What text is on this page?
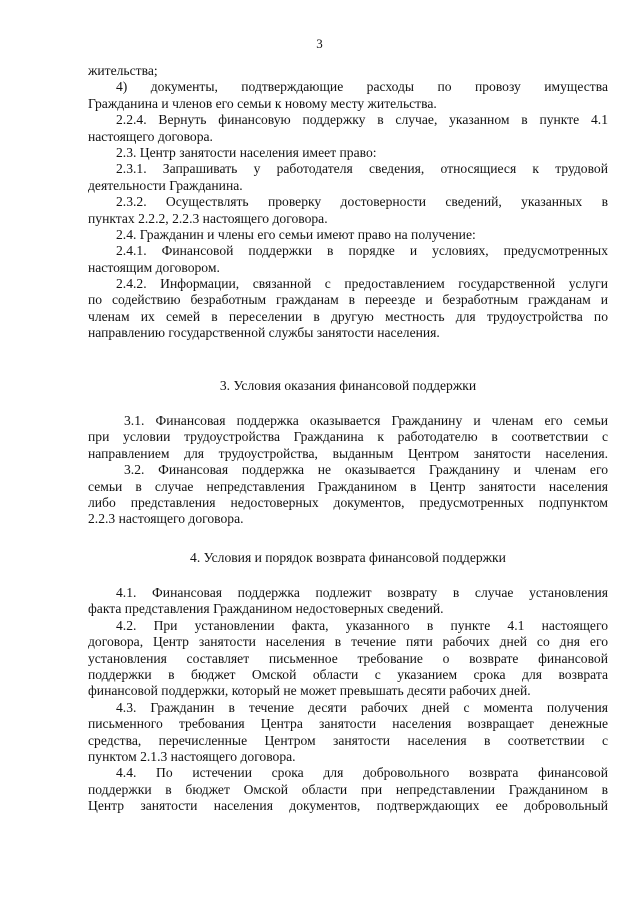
3
жительства;
4) документы, подтверждающие расходы по провозу имущества
Гражданина и членов его семьи к новому месту жительства.
2.2.4. Вернуть финансовую поддержку в случае, указанном в пункте 4.1
настоящего договора.
2.3. Центр занятости населения имеет право:
2.3.1. Запрашивать у работодателя сведения, относящиеся к трудовой
деятельности Гражданина.
2.3.2. Осуществлять проверку достоверности сведений, указанных в
пунктах 2.2.2, 2.2.3 настоящего договора.
2.4. Гражданин и члены его семьи имеют право на получение:
2.4.1. Финансовой поддержки в порядке и условиях, предусмотренных
настоящим договором.
2.4.2. Информации, связанной с предоставлением государственной услуги
по содействию безработным гражданам в переезде и безработным гражданам и
членам их семей в переселении в другую местность для трудоустройства по
направлению государственной службы занятости населения.
3. Условия оказания финансовой поддержки
3.1. Финансовая поддержка оказывается Гражданину и членам его семьи
при условии трудоустройства Гражданина к работодателю в соответствии с
направлением для трудоустройства, выданным Центром занятости населения.
3.2. Финансовая поддержка не оказывается Гражданину и членам его
семьи в случае непредставления Гражданином в Центр занятости населения
либо представления недостоверных документов, предусмотренных подпунктом
2.2.3 настоящего договора.
4. Условия и порядок возврата финансовой поддержки
4.1. Финансовая поддержка подлежит возврату в случае установления
факта представления Гражданином недостоверных сведений.
4.2. При установлении факта, указанного в пункте 4.1 настоящего
договора, Центр занятости населения в течение пяти рабочих дней со дня его
установления составляет письменное требование о возврате финансовой
поддержки в бюджет Омской области с указанием срока для возврата
финансовой поддержки, который не может превышать десяти рабочих дней.
4.3. Гражданин в течение десяти рабочих дней с момента получения
письменного требования Центра занятости населения возвращает денежные
средства, перечисленные Центром занятости населения в соответствии с
пунктом 2.1.3 настоящего договора.
4.4. По истечении срока для добровольного возврата финансовой
поддержки в бюджет Омской области при непредставлении Гражданином в
Центр занятости населения документов, подтверждающих ее добровольный
